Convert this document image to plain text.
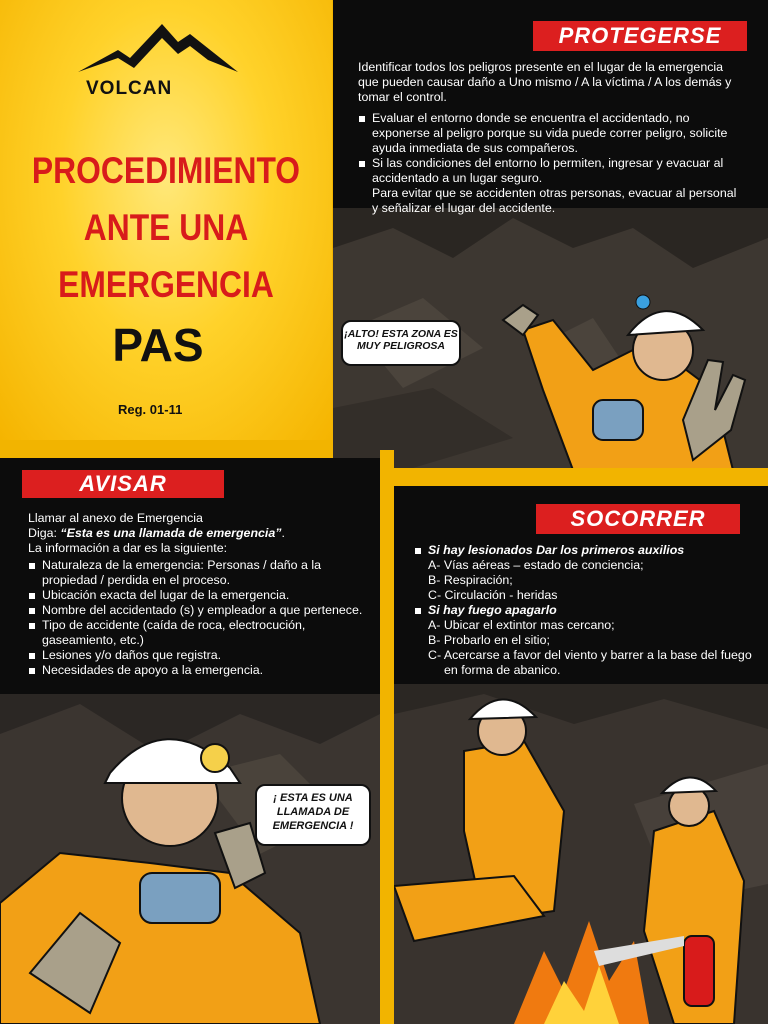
VOLCAN
PROCEDIMIENTO
ANTE UNA
EMERGENCIA
PAS
Reg. 01-11
PROTEGERSE

Identificar todos los peligros presente en el lugar de la emergencia que pueden causar daño a Uno mismo / A la víctima / A los demás y tomar el control.

Evaluar el entorno donde se encuentra el accidentado, no exponerse al peligro porque su vida puede correr peligro, solicite ayuda inmediata de sus compañeros.
Si las condiciones del entorno lo permiten, ingresar y evacuar al accidentado a un lugar seguro.

Para evitar que se accidenten otras personas, evacuar al personal y señalizar el lugar del accidente.

¡ALTO! ESTA ZONA ES MUY PELIGROSA
AVISAR

Llamar al anexo de Emergencia

Diga: “Esta es una llamada de emergencia”.

La información a dar es la siguiente:

Naturaleza de la emergencia: Personas / daño a la propiedad / perdida en el proceso.
Ubicación exacta del lugar de la emergencia.
Nombre del accidentado (s) y empleador a que pertenece.
Tipo de accidente (caída de roca, electrocución, gaseamiento, etc.)
Lesiones y/o daños que registra.
Necesidades de apoyo a la emergencia.
¡ ESTA ES UNA LLAMADA DE EMERGENCIA !
SOCORRER
Si hay lesionados Dar los primeros auxilios

A- Vías aéreas – estado de conciencia;

B- Respiración;

C- Circulación - heridas

Si hay fuego apagarlo

A- Ubicar el extintor mas cercano;

B- Probarlo en el sitio;

C- Acercarse a favor del viento y barrer a la base del fuego en forma de abanico.
